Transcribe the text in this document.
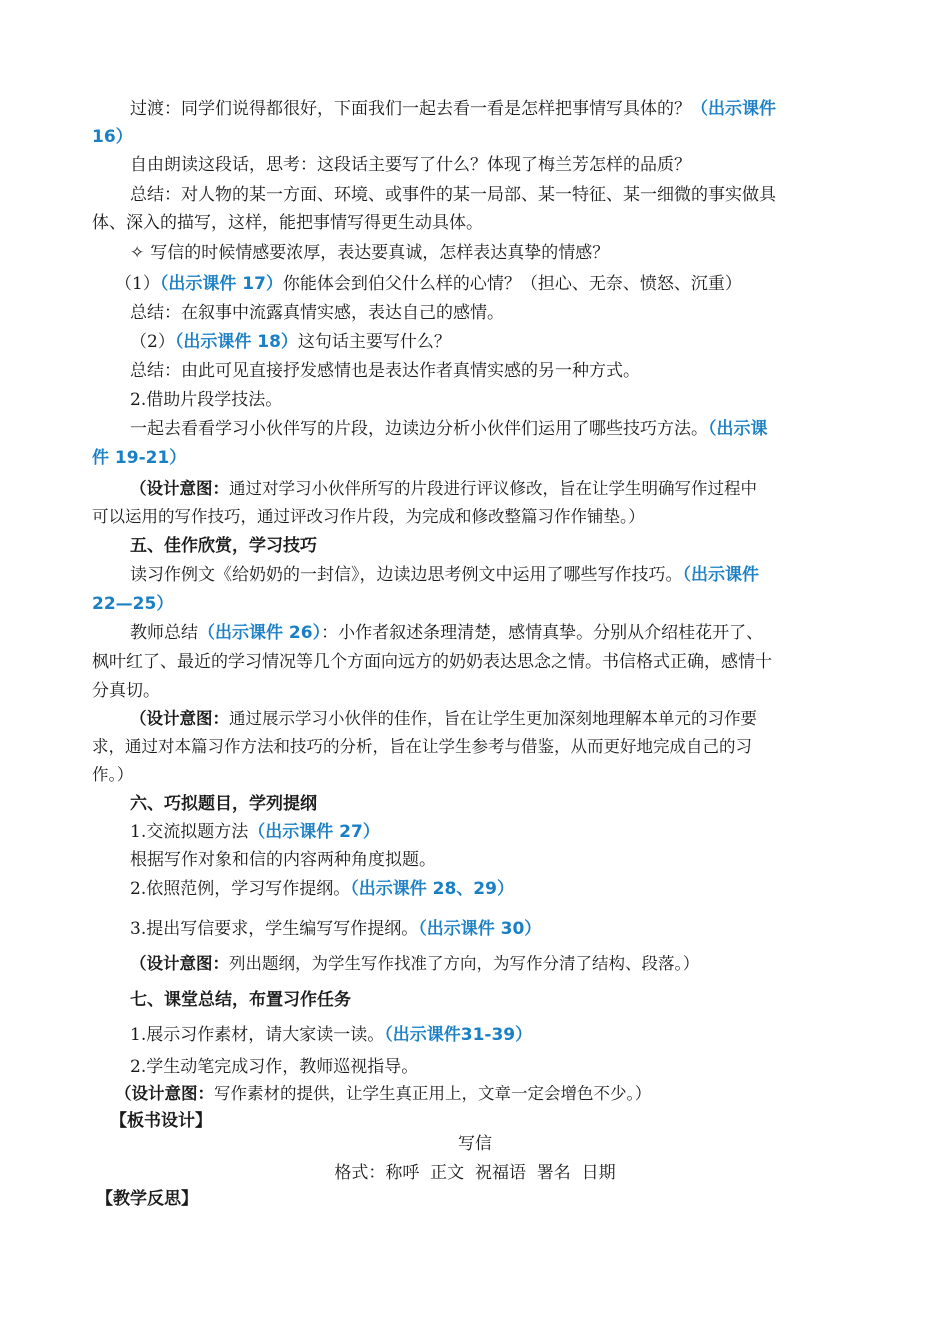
过渡：同学们说得都很好，下面我们一起去看一看是怎样把事情写具体的？（出示课件
16）
自由朗读这段话，思考：这段话主要写了什么？体现了梅兰芳怎样的品质？
总结：对人物的某一方面、环境、或事件的某一局部、某一特征、某一细微的事实做具
体、深入的描写，这样，能把事情写得更生动具体。
✧ 写信的时候情感要浓厚，表达要真诚，怎样表达真挚的情感？
（1）（出示课件 17）你能体会到伯父什么样的心情？（担心、无奈、愤怒、沉重）
总结：在叙事中流露真情实感，表达自己的感情。
（2）（出示课件 18）这句话主要写什么？
总结：由此可见直接抒发感情也是表达作者真情实感的另一种方式。
2.借助片段学技法。
一起去看看学习小伙伴写的片段，边读边分析小伙伴们运用了哪些技巧方法。（出示课
件 19-21）
（设计意图：通过对学习小伙伴所写的片段进行评议修改，旨在让学生明确写作过程中
可以运用的写作技巧，通过评改习作片段，为完成和修改整篇习作作铺垫。）
五、佳作欣赏，学习技巧
读习作例文《给奶奶的一封信》，边读边思考例文中运用了哪些写作技巧。（出示课件
22—25）
教师总结（出示课件 26）：小作者叙述条理清楚，感情真挚。分别从介绍桂花开了、
枫叶红了、最近的学习情况等几个方面向远方的奶奶表达思念之情。书信格式正确，感情十
分真切。
（设计意图：通过展示学习小伙伴的佳作，旨在让学生更加深刻地理解本单元的习作要
求，通过对本篇习作方法和技巧的分析，旨在让学生参考与借鉴，从而更好地完成自己的习
作。）
六、巧拟题目，学列提纲
1.交流拟题方法（出示课件 27）
根据写作对象和信的内容两种角度拟题。
2.依照范例，学习写作提纲。（出示课件 28、29）
3.提出写信要求，学生编写写作提纲。（出示课件 30）
（设计意图：列出题纲，为学生写作找准了方向，为写作分清了结构、段落。）
七、课堂总结，布置习作任务
1.展示习作素材，请大家读一读。（出示课件31-39）
2.学生动笔完成习作，教师巡视指导。
（设计意图：写作素材的提供，让学生真正用上，文章一定会增色不少。）
【板书设计】
写信
格式：称呼  正文  祝福语  署名  日期
【教学反思】
